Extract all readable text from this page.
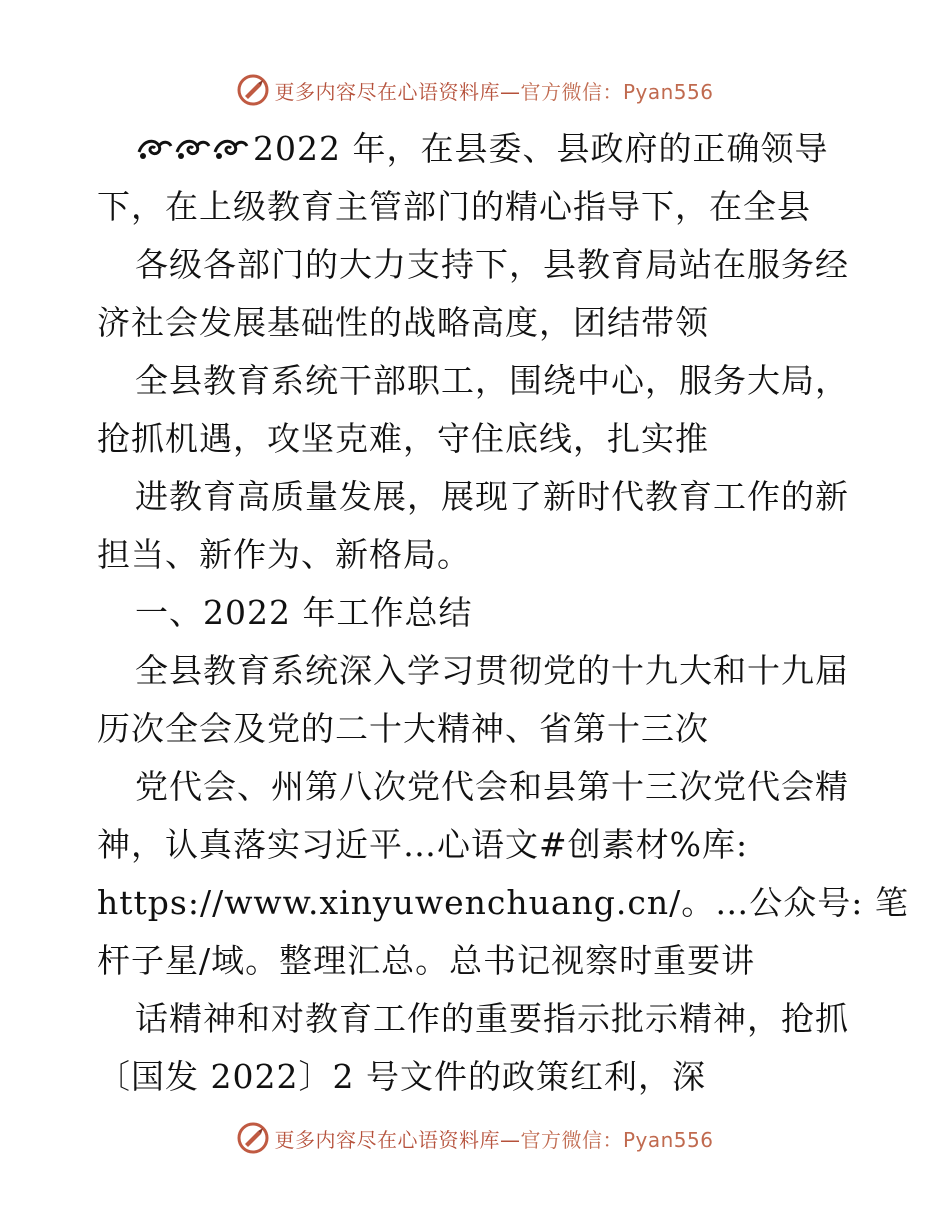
更多内容尽在心语资料库—官方微信：Pyan556
2022 年，在县委、县政府的正确领导
下，在上级教育主管部门的精心指导下，在全县
各级各部门的大力支持下，县教育局站在服务经
济社会发展基础性的战略高度，团结带领
全县教育系统干部职工，围绕中心，服务大局，
抢抓机遇，攻坚克难，守住底线，扎实推
进教育高质量发展，展现了新时代教育工作的新
担当、新作为、新格局。
一、2022 年工作总结
全县教育系统深入学习贯彻党的十九大和十九届
历次全会及党的二十大精神、省第十三次
党代会、州第八次党代会和县第十三次党代会精
神，认真落实习近平…心语文#创素材%库:
https://www.xinyuwenchuang.cn/。…公众号: 笔
杆子星/域。整理汇总。总书记视察时重要讲
话精神和对教育工作的重要指示批示精神，抢抓
〔国发 2022〕2 号文件的政策红利，深
更多内容尽在心语资料库—官方微信：Pyan556
